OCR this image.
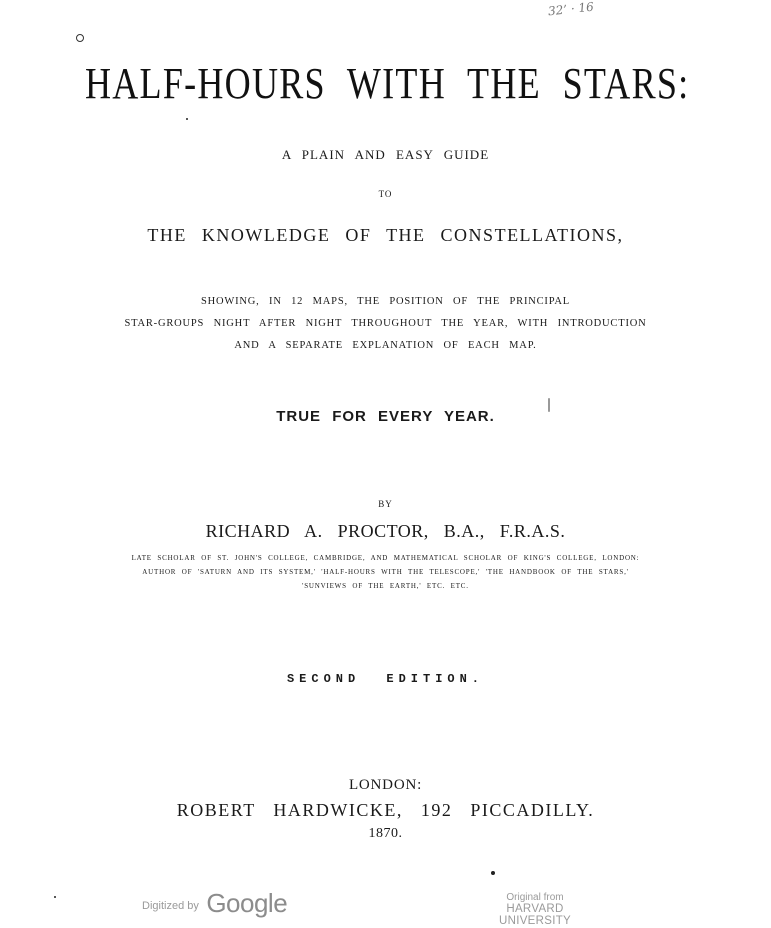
32’ · 16
HALF-HOURS WITH THE STARS:
A PLAIN AND EASY GUIDE
TO
THE KNOWLEDGE OF THE CONSTELLATIONS,
SHOWING, IN 12 MAPS, THE POSITION OF THE PRINCIPAL
STAR-GROUPS NIGHT AFTER NIGHT THROUGHOUT THE YEAR, WITH INTRODUCTION
AND A SEPARATE EXPLANATION OF EACH MAP.
TRUE FOR EVERY YEAR.
BY
RICHARD A. PROCTOR, B.A., F.R.A.S.
LATE SCHOLAR OF ST. JOHN'S COLLEGE, CAMBRIDGE, AND MATHEMATICAL SCHOLAR OF KING'S COLLEGE, LONDON:
AUTHOR OF 'SATURN AND ITS SYSTEM,' 'HALF-HOURS WITH THE TELESCOPE,' 'THE HANDBOOK OF THE STARS,'
'SUNVIEWS OF THE EARTH,' ETC. ETC.
SECOND EDITION.
LONDON:
ROBERT HARDWICKE, 192 PICCADILLY.
1870.
Digitized by Google	Original from
HARVARD UNIVERSITY
